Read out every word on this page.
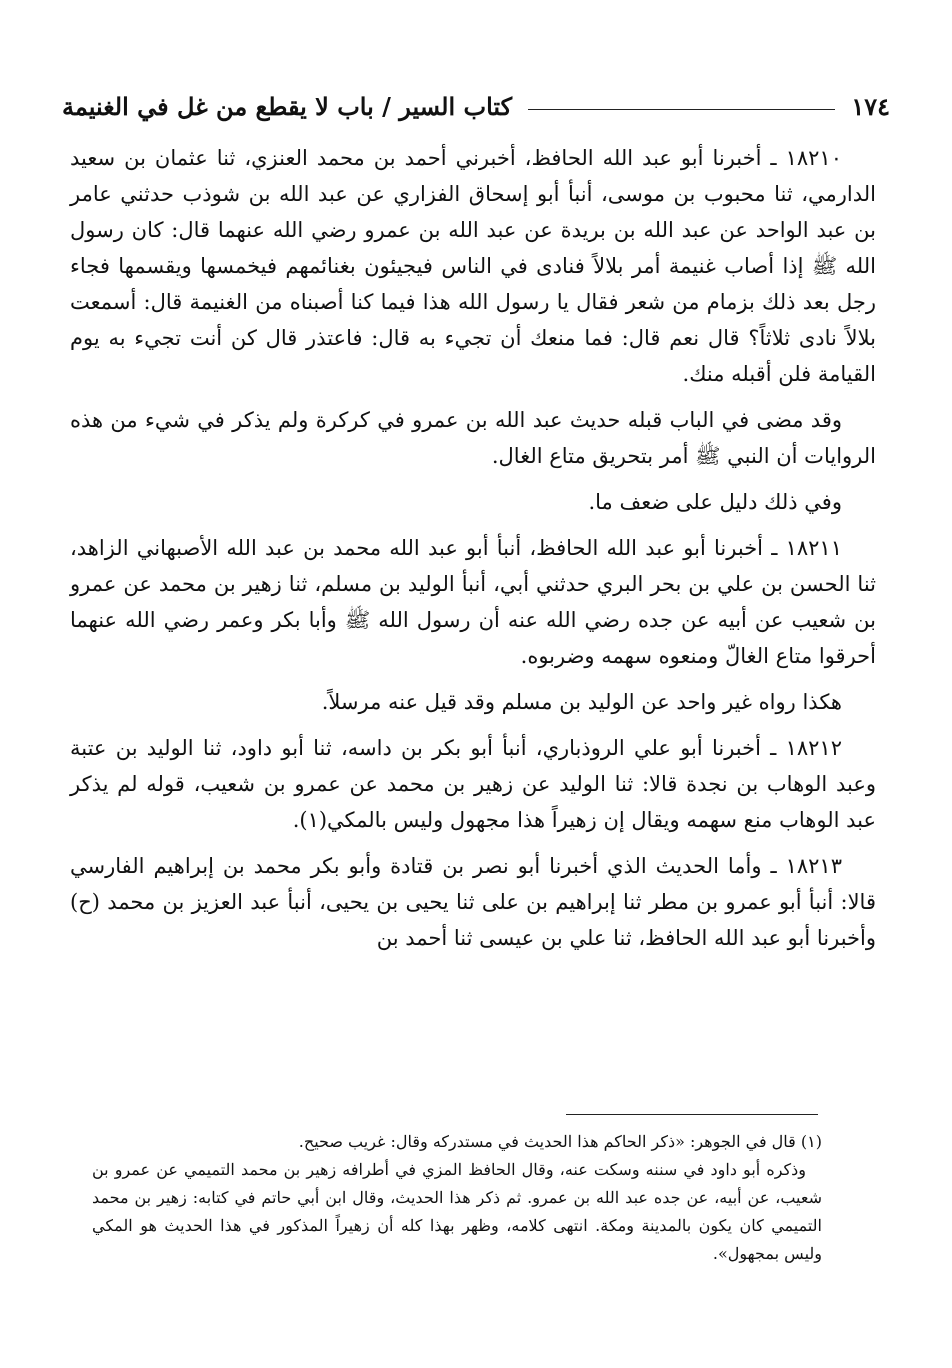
١٧٤
كتاب السير / باب لا يقطع من غل في الغنيمة

١٨٢١٠ ـ أخبرنا أبو عبد الله الحافظ، أخبرني أحمد بن محمد العنزي، ثنا عثمان بن سعيد الدارمي، ثنا محبوب بن موسى، أنبأ أبو إسحاق الفزاري عن عبد الله بن شوذب حدثني عامر بن عبد الواحد عن عبد الله بن بريدة عن عبد الله بن عمرو رضي الله عنهما قال: كان رسول الله ﷺ إذا أصاب غنيمة أمر بلالاً فنادى في الناس فيجيئون بغنائمهم فيخمسها ويقسمها فجاء رجل بعد ذلك بزمام من شعر فقال يا رسول الله هذا فيما كنا أصبناه من الغنيمة قال: أسمعت بلالاً نادى ثلاثاً؟ قال نعم قال: فما منعك أن تجيء به قال: فاعتذر قال كن أنت تجيء به يوم القيامة فلن أقبله منك.

وقد مضى في الباب قبله حديث عبد الله بن عمرو في كركرة ولم يذكر في شيء من هذه الروايات أن النبي ﷺ أمر بتحريق متاع الغال.

وفي ذلك دليل على ضعف ما.

١٨٢١١ ـ أخبرنا أبو عبد الله الحافظ، أنبأ أبو عبد الله محمد بن عبد الله الأصبهاني الزاهد، ثنا الحسن بن علي بن بحر البري حدثني أبي، أنبأ الوليد بن مسلم، ثنا زهير بن محمد عن عمرو بن شعيب عن أبيه عن جده رضي الله عنه أن رسول الله ﷺ وأبا بكر وعمر رضي الله عنهما أحرقوا متاع الغالّ ومنعوه سهمه وضربوه.

هكذا رواه غير واحد عن الوليد بن مسلم وقد قيل عنه مرسلاً.

١٨٢١٢ ـ أخبرنا أبو علي الروذباري، أنبأ أبو بكر بن داسه، ثنا أبو داود، ثنا الوليد بن عتبة وعبد الوهاب بن نجدة قالا: ثنا الوليد عن زهير بن محمد عن عمرو بن شعيب، قوله لم يذكر عبد الوهاب منع سهمه ويقال إن زهيراً هذا مجهول وليس بالمكي(١).

١٨٢١٣ ـ وأما الحديث الذي أخبرنا أبو نصر بن قتادة وأبو بكر محمد بن إبراهيم الفارسي قالا: أنبأ أبو عمرو بن مطر ثنا إبراهيم بن على ثنا يحيى بن يحيى، أنبأ عبد العزيز بن محمد (ح) وأخبرنا أبو عبد الله الحافظ، ثنا علي بن عيسى ثنا أحمد بن

(١) قال في الجوهر: «ذكر الحاكم هذا الحديث في مستدركه وقال: غريب صحيح.

وذكره أبو داود في سننه وسكت عنه، وقال الحافظ المزي في أطرافه زهير بن محمد التميمي عن عمرو بن شعيب، عن أبيه، عن جده عبد الله بن عمرو. ثم ذكر هذا الحديث، وقال ابن أبي حاتم في كتابه: زهير بن محمد التميمي كان يكون بالمدينة ومكة. انتهى كلامه، وظهر بهذا كله أن زهيراً المذكور في هذا الحديث هو المكي وليس بمجهول».
